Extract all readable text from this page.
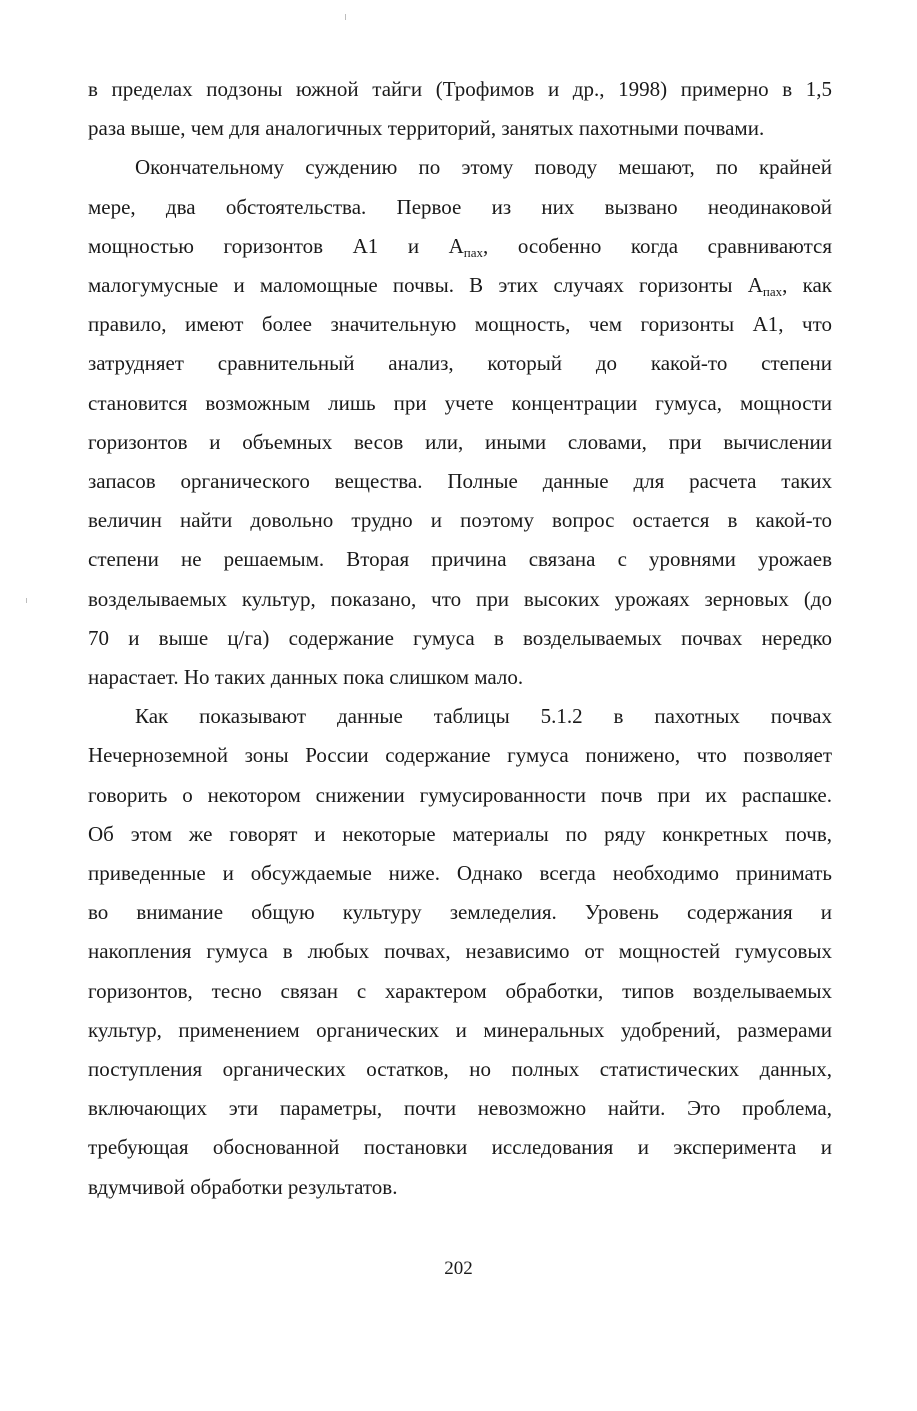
в пределах подзоны южной тайги (Трофимов и др., 1998) примерно в 1,5
раза выше, чем для аналогичных территорий, занятых пахотными почвами.

Окончательному суждению по этому поводу мешают, по крайней
мере, два обстоятельства. Первое из них вызвано неодинаковой
мощностью горизонтов А1 и $А_{пах}$, особенно когда сравниваются
малогумусные и маломощные почвы. В этих случаях горизонты $А_{пах}$, как
правило, имеют более значительную мощность, чем горизонты А1, что
затрудняет сравнительный анализ, который до какой-то степени
становится возможным лишь при учете концентрации гумуса, мощности
горизонтов и объемных весов или, иными словами, при вычислении
запасов органического вещества. Полные данные для расчета таких
величин найти довольно трудно и поэтому вопрос остается в какой-то
степени не решаемым. Вторая причина связана с уровнями урожаев
возделываемых культур, показано, что при высоких урожаях зерновых (до
70 и выше ц/га) содержание гумуса в возделываемых почвах нередко
нарастает. Но таких данных пока слишком мало.

Как показывают данные таблицы 5.1.2 в пахотных почвах
Нечерноземной зоны России содержание гумуса понижено, что позволяет
говорить о некотором снижении гумусированности почв при их распашке.
Об этом же говорят и некоторые материалы по ряду конкретных почв,
приведенные и обсуждаемые ниже. Однако всегда необходимо принимать
во внимание общую культуру земледелия. Уровень содержания и
накопления гумуса в любых почвах, независимо от мощностей гумусовых
горизонтов, тесно связан с характером обработки, типов возделываемых
культур, применением органических и минеральных удобрений, размерами
поступления органических остатков, но полных статистических данных,
включающих эти параметры, почти невозможно найти. Это проблема,
требующая обоснованной постановки исследования и эксперимента и
вдумчивой обработки результатов.

202
